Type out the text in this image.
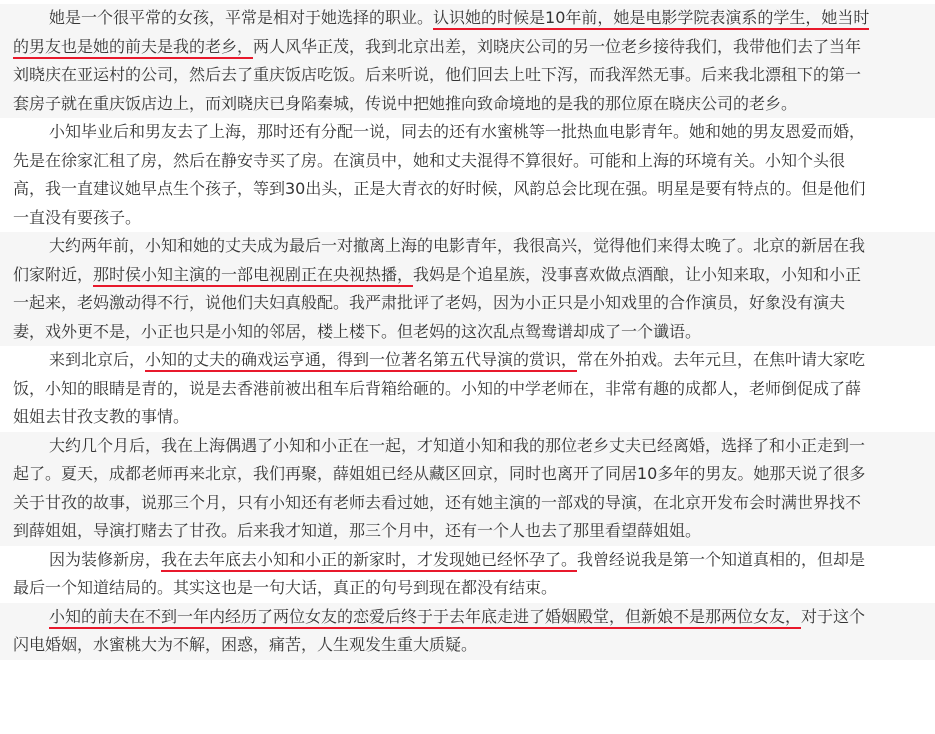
她是一个很平常的女孩，平常是相对于她选择的职业。认识她的时候是10年前，她是电影学院表演系的学生，她当时
的男友也是她的前夫是我的老乡，两人风华正茂，我到北京出差，刘晓庆公司的另一位老乡接待我们，我带他们去了当年
刘晓庆在亚运村的公司，然后去了重庆饭店吃饭。后来听说，他们回去上吐下泻，而我浑然无事。后来我北漂租下的第一
套房子就在重庆饭店边上，而刘晓庆已身陷秦城，传说中把她推向致命境地的是我的那位原在晓庆公司的老乡。
小知毕业后和男友去了上海，那时还有分配一说，同去的还有水蜜桃等一批热血电影青年。她和她的男友恩爱而婚，
先是在徐家汇租了房，然后在静安寺买了房。在演员中，她和丈夫混得不算很好。可能和上海的环境有关。小知个头很
高，我一直建议她早点生个孩子，等到30出头，正是大青衣的好时候，风韵总会比现在强。明星是要有特点的。但是他们
一直没有要孩子。
大约两年前，小知和她的丈夫成为最后一对撤离上海的电影青年，我很高兴，觉得他们来得太晚了。北京的新居在我
们家附近，那时侯小知主演的一部电视剧正在央视热播，我妈是个追星族，没事喜欢做点酒酿，让小知来取，小知和小正
一起来，老妈激动得不行，说他们夫妇真般配。我严肃批评了老妈，因为小正只是小知戏里的合作演员，好象没有演夫
妻，戏外更不是，小正也只是小知的邻居，楼上楼下。但老妈的这次乱点鸳鸯谱却成了一个谶语。
来到北京后，小知的丈夫的确戏运亨通，得到一位著名第五代导演的赏识，常在外拍戏。去年元旦，在焦叶请大家吃
饭，小知的眼睛是青的，说是去香港前被出租车后背箱给砸的。小知的中学老师在，非常有趣的成都人，老师倒促成了薛
姐姐去甘孜支教的事情。
大约几个月后，我在上海偶遇了小知和小正在一起，才知道小知和我的那位老乡丈夫已经离婚，选择了和小正走到一
起了。夏天，成都老师再来北京，我们再聚，薛姐姐已经从藏区回京，同时也离开了同居10多年的男友。她那天说了很多
关于甘孜的故事，说那三个月，只有小知还有老师去看过她，还有她主演的一部戏的导演，在北京开发布会时满世界找不
到薛姐姐，导演打赌去了甘孜。后来我才知道，那三个月中，还有一个人也去了那里看望薛姐姐。
因为装修新房，我在去年底去小知和小正的新家时，才发现她已经怀孕了。我曾经说我是第一个知道真相的，但却是
最后一个知道结局的。其实这也是一句大话，真正的句号到现在都没有结束。
小知的前夫在不到一年内经历了两位女友的恋爱后终于于去年底走进了婚姻殿堂，但新娘不是那两位女友，对于这个
闪电婚姻，水蜜桃大为不解，困惑，痛苦，人生观发生重大质疑。
